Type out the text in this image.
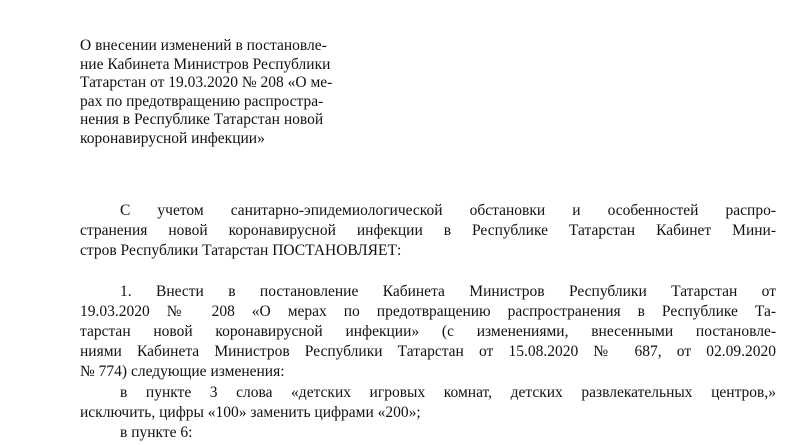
О внесении изменений в постановле-
ние Кабинета Министров Республики
Татарстан от 19.03.2020 № 208 «О ме-
рах по предотвращению распростра-
нения в Республике Татарстан новой
коронавирусной инфекции»
С учетом санитарно-эпидемиологической обстановки и особенностей распро-
странения новой коронавирусной инфекции в Республике Татарстан Кабинет Мини-
стров Республики Татарстан ПОСТАНОВЛЯЕТ:
1. Внести в постановление Кабинета Министров Республики Татарстан от
19.03.2020 № 208 «О мерах по предотвращению распространения в Республике Та-
тарстан новой коронавирусной инфекции» (с изменениями, внесенными постановле-
ниями Кабинета Министров Республики Татарстан от 15.08.2020 № 687, от 02.09.2020
№ 774) следующие изменения:
в пункте 3 слова «детских игровых комнат, детских развлекательных центров,»
исключить, цифры «100» заменить цифрами «200»;
в пункте 6:
